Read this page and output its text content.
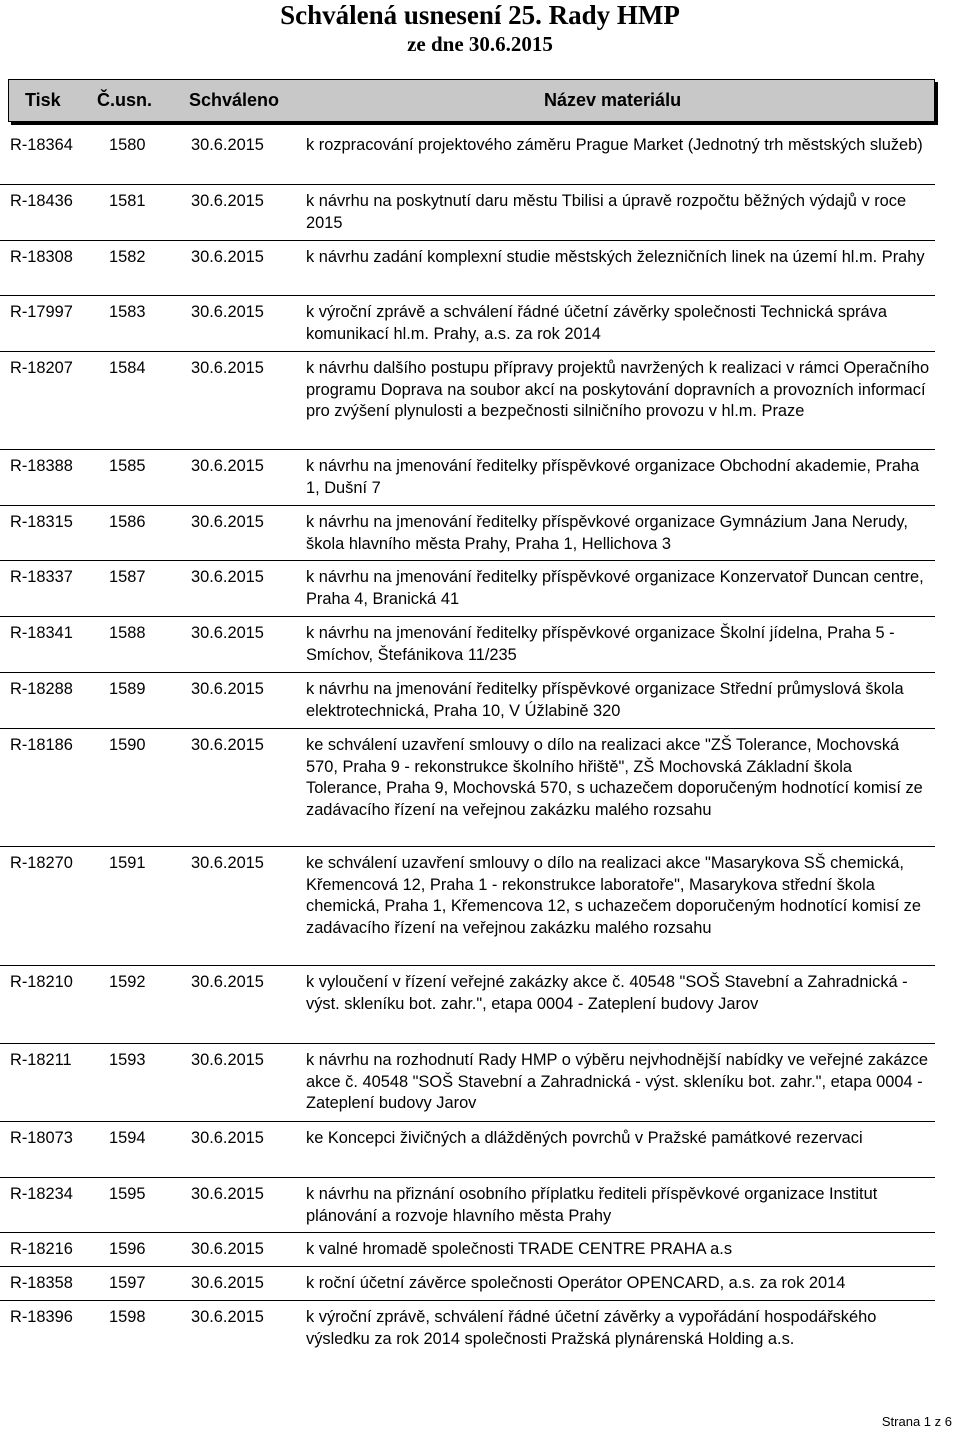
Schválená usnesení 25. Rady HMP
ze dne 30.6.2015
Tisk Č.usn. Schváleno	Název materiálu
R-18364 1580	30.6.2015	k rozpracování projektového záměru Prague Market (Jednotný trh městských služeb)
R-18436 1581	30.6.2015	k návrhu na poskytnutí daru městu Tbilisi a úpravě rozpočtu běžných výdajů v roce 2015
R-18308 1582	30.6.2015	k návrhu zadání komplexní studie městských železničních linek na území hl.m. Prahy
R-17997 1583	30.6.2015	k výroční zprávě a schválení řádné účetní závěrky společnosti Technická správa komunikací hl.m. Prahy, a.s. za rok 2014
R-18207 1584	30.6.2015	k návrhu dalšího postupu přípravy projektů navržených k realizaci v rámci Operačního programu Doprava na soubor akcí na poskytování dopravních a provozních informací pro zvýšení plynulosti a bezpečnosti silničního provozu v hl.m. Praze
R-18388 1585	30.6.2015	k návrhu na jmenování ředitelky příspěvkové organizace Obchodní akademie, Praha 1, Dušní 7
R-18315 1586	30.6.2015	k návrhu na jmenování ředitelky příspěvkové organizace Gymnázium Jana Nerudy, škola hlavního města Prahy, Praha 1, Hellichova 3
R-18337 1587	30.6.2015	k návrhu na jmenování ředitelky příspěvkové organizace Konzervatoř Duncan centre, Praha 4, Branická 41
R-18341 1588	30.6.2015	k návrhu na jmenování ředitelky příspěvkové organizace Školní jídelna, Praha 5 - Smíchov, Štefánikova 11/235
R-18288 1589	30.6.2015	k návrhu na jmenování ředitelky příspěvkové organizace Střední průmyslová škola elektrotechnická, Praha 10, V Úžlabině 320
R-18186 1590	30.6.2015	ke schválení uzavření smlouvy o dílo na realizaci akce "ZŠ Tolerance, Mochovská 570, Praha 9 - rekonstrukce školního hřiště", ZŠ Mochovská Základní škola Tolerance, Praha 9, Mochovská 570, s uchazečem doporučeným hodnotící komisí ze zadávacího řízení na veřejnou zakázku malého rozsahu
R-18270 1591	30.6.2015	ke schválení uzavření smlouvy o dílo na realizaci akce "Masarykova SŠ chemická, Křemencová 12, Praha 1 - rekonstrukce laboratoře", Masarykova střední škola chemická, Praha 1, Křemencova 12, s uchazečem doporučeným hodnotící komisí ze zadávacího řízení na veřejnou zakázku malého rozsahu
R-18210 1592	30.6.2015	k vyloučení v řízení veřejné zakázky akce č. 40548 "SOŠ Stavební a Zahradnická - výst. skleníku bot. zahr.", etapa 0004 - Zateplení budovy Jarov
R-18211 1593	30.6.2015	k návrhu na rozhodnutí Rady HMP o výběru nejvhodnější nabídky ve veřejné zakázce akce č. 40548 "SOŠ Stavební a Zahradnická - výst. skleníku bot. zahr.", etapa 0004 - Zateplení budovy Jarov
R-18073 1594	30.6.2015	ke Koncepci živičných a dlážděných povrchů v Pražské památkové rezervaci
R-18234 1595	30.6.2015	k návrhu na přiznání osobního příplatku řediteli příspěvkové organizace Institut plánování a rozvoje hlavního města Prahy
R-18216 1596	30.6.2015	k valné hromadě společnosti TRADE CENTRE PRAHA a.s
R-18358 1597	30.6.2015	k roční účetní závěrce společnosti Operátor OPENCARD, a.s. za rok 2014
R-18396 1598	30.6.2015	k výroční zprávě, schválení řádné účetní závěrky a vypořádání hospodářského výsledku za rok 2014 společnosti Pražská plynárenská Holding a.s.
Strana 1 z 6
